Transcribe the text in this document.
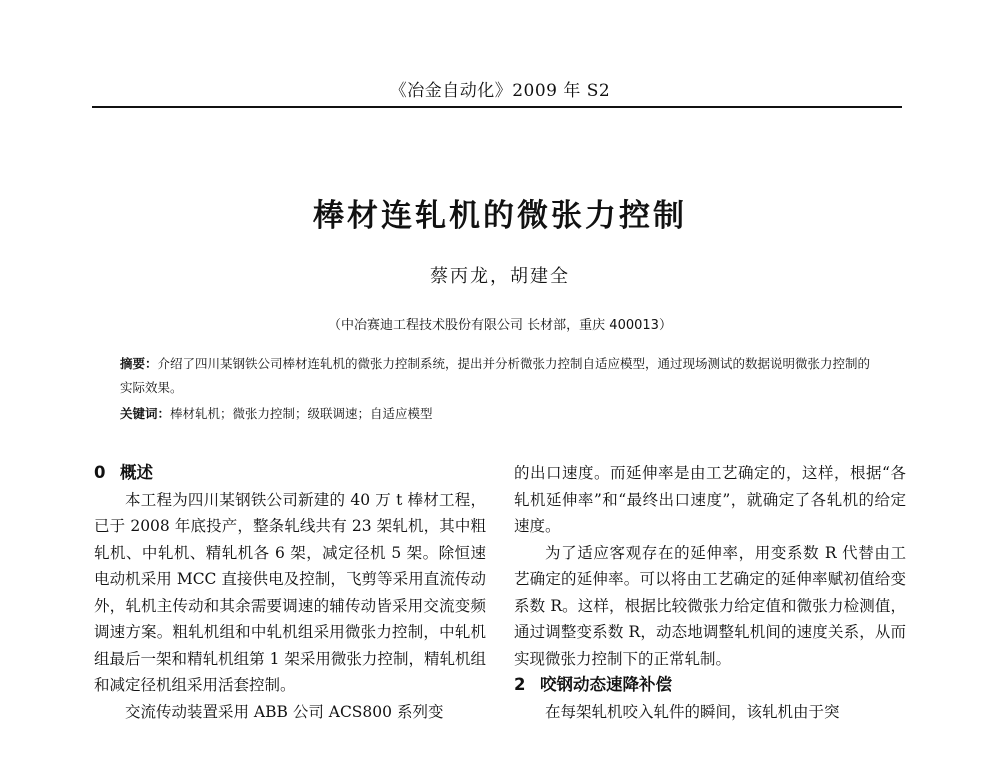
《冶金自动化》2009 年 S2
棒材连轧机的微张力控制
蔡丙龙，胡建全
（中冶赛迪工程技术股份有限公司 长材部，重庆 400013）
摘要：介绍了四川某钢铁公司棒材连轧机的微张力控制系统，提出并分析微张力控制自适应模型，通过现场测试的数据说明微张力控制的实际效果。
关键词：棒材轧机；微张力控制；级联调速；自适应模型
0 概述

本工程为四川某钢铁公司新建的 40 万 t 棒材工程，已于 2008 年底投产，整条轧线共有 23 架轧机，其中粗轧机、中轧机、精轧机各 6 架，减定径机 5 架。除恒速电动机采用 MCC 直接供电及控制，飞剪等采用直流传动外，轧机主传动和其余需要调速的辅传动皆采用交流变频调速方案。粗轧机组和中轧机组采用微张力控制，中轧机组最后一架和精轧机组第 1 架采用微张力控制，精轧机组和减定径机组采用活套控制。

交流传动装置采用 ABB 公司 ACS800 系列变

的出口速度。而延伸率是由工艺确定的，这样，根据“各轧机延伸率”和“最终出口速度”，就确定了各轧机的给定速度。

为了适应客观存在的延伸率，用变系数 R 代替由工艺确定的延伸率。可以将由工艺确定的延伸率赋初值给变系数 R。这样，根据比较微张力给定值和微张力检测值，通过调整变系数 R，动态地调整轧机间的速度关系，从而实现微张力控制下的正常轧制。

2 咬钢动态速降补偿

在每架轧机咬入轧件的瞬间，该轧机由于突
